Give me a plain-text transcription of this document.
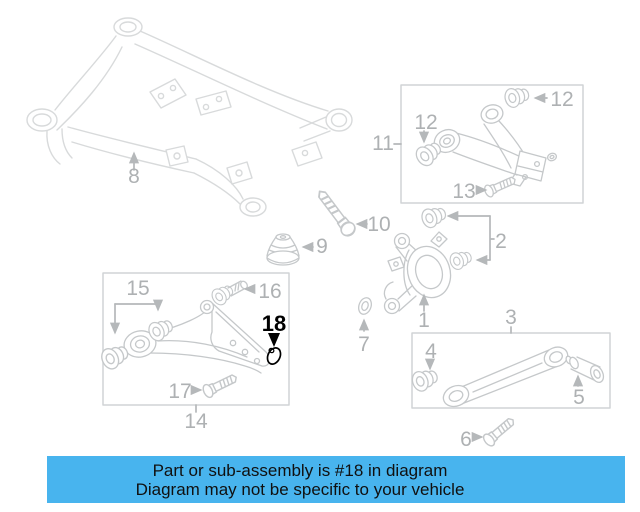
8
9
10
11
12
12
13
1
2
3
4
5
6
7
14
15	16
17
18
Part or sub-assembly is #18 in diagram
Diagram may not be specific to your vehicle
